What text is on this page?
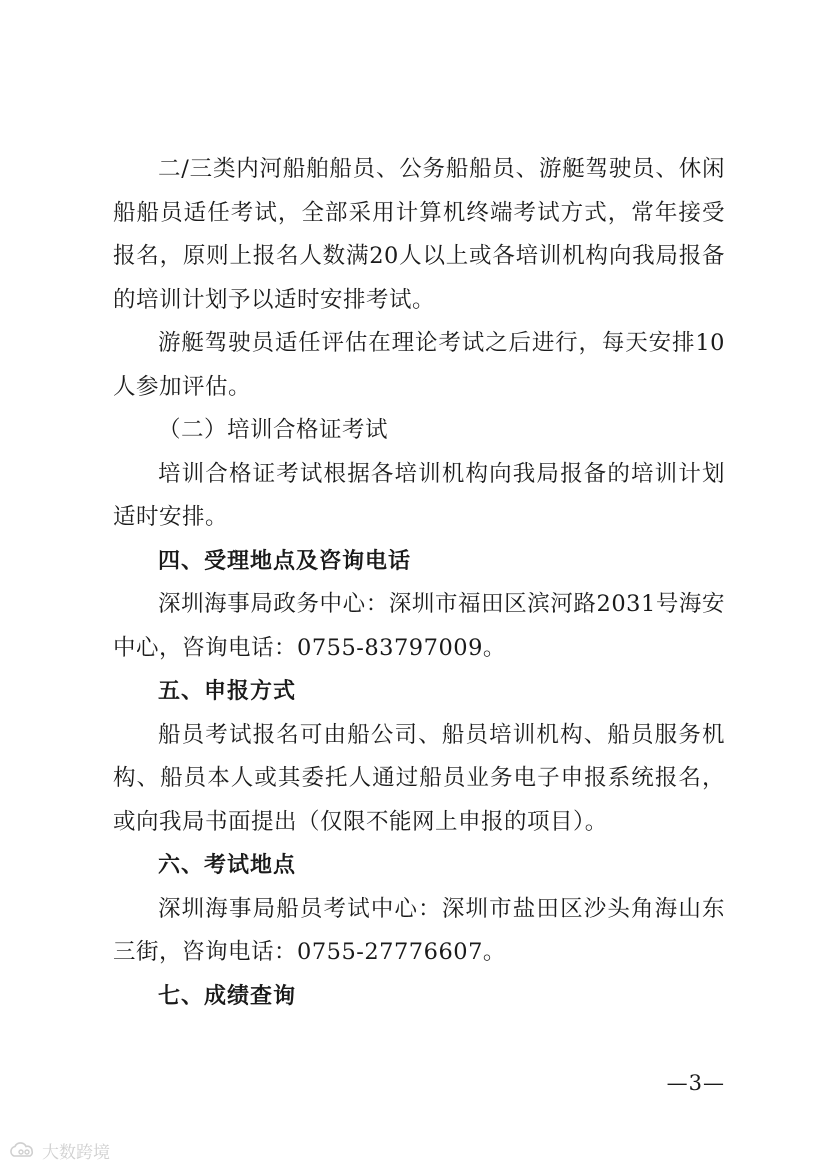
二/三类内河船舶船员、公务船船员、游艇驾驶员、休闲船船员适任考试，全部采用计算机终端考试方式，常年接受报名，原则上报名人数满20人以上或各培训机构向我局报备的培训计划予以适时安排考试。

游艇驾驶员适任评估在理论考试之后进行，每天安排10人参加评估。

（二）培训合格证考试

培训合格证考试根据各培训机构向我局报备的培训计划适时安排。

四、受理地点及咨询电话

深圳海事局政务中心：深圳市福田区滨河路2031号海安中心，咨询电话：0755-83797009。

五、申报方式

船员考试报名可由船公司、船员培训机构、船员服务机构、船员本人或其委托人通过船员业务电子申报系统报名，或向我局书面提出（仅限不能网上申报的项目）。

六、考试地点

深圳海事局船员考试中心：深圳市盐田区沙头角海山东三街，咨询电话：0755-27776607。

七、成绩查询

—3—
大数跨境
